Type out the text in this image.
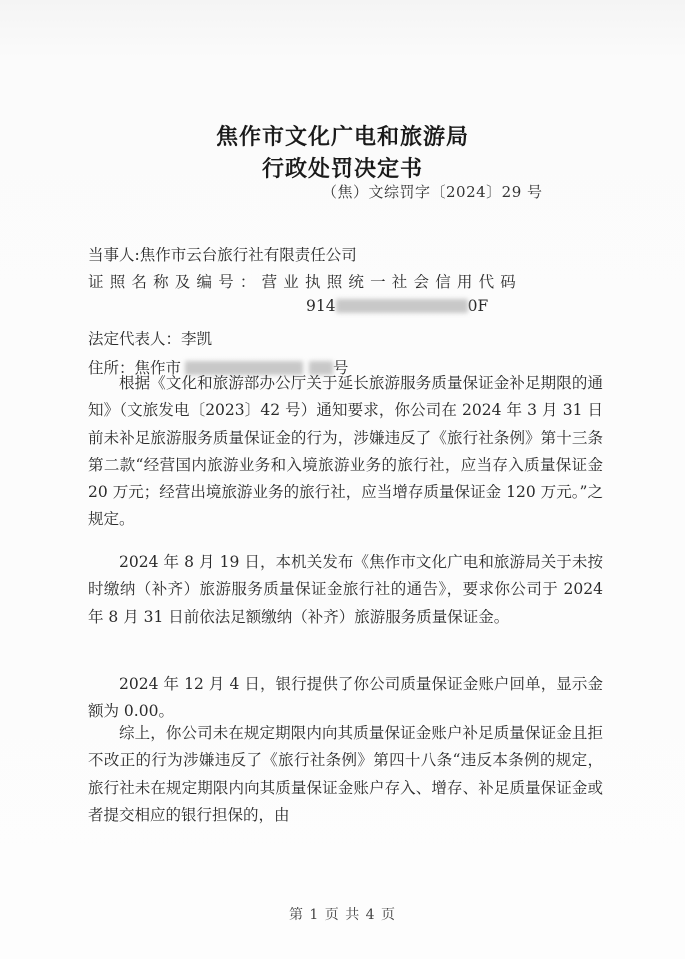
焦作市文化广电和旅游局
行政处罚决定书
（焦）文综罚字〔2024〕29 号
当事人:焦作市云台旅行社有限责任公司
证照名称及编号：营业执照统一社会信用代码
914	0F
法定代表人：李凯
住所：焦作市	号

根据《文化和旅游部办公厅关于延长旅游服务质量保证金补足期限的通知》（文旅发电〔2023〕42 号）通知要求，你公司在 2024 年 3 月 31 日前未补足旅游服务质量保证金的行为，涉嫌违反了《旅行社条例》第十三条第二款“经营国内旅游业务和入境旅游业务的旅行社，应当存入质量保证金 20 万元；经营出境旅游业务的旅行社，应当增存质量保证金 120 万元。”之规定。

2024 年 8 月 19 日，本机关发布《焦作市文化广电和旅游局关于未按时缴纳（补齐）旅游服务质量保证金旅行社的通告》，要求你公司于 2024 年 8 月 31 日前依法足额缴纳（补齐）旅游服务质量保证金。

2024 年 12 月 4 日，银行提供了你公司质量保证金账户回单，显示金额为 0.00。

综上，你公司未在规定期限内向其质量保证金账户补足质量保证金且拒不改正的行为涉嫌违反了《旅行社条例》第四十八条“违反本条例的规定，旅行社未在规定期限内向其质量保证金账户存入、增存、补足质量保证金或者提交相应的银行担保的，由

第 1 页 共 4 页
